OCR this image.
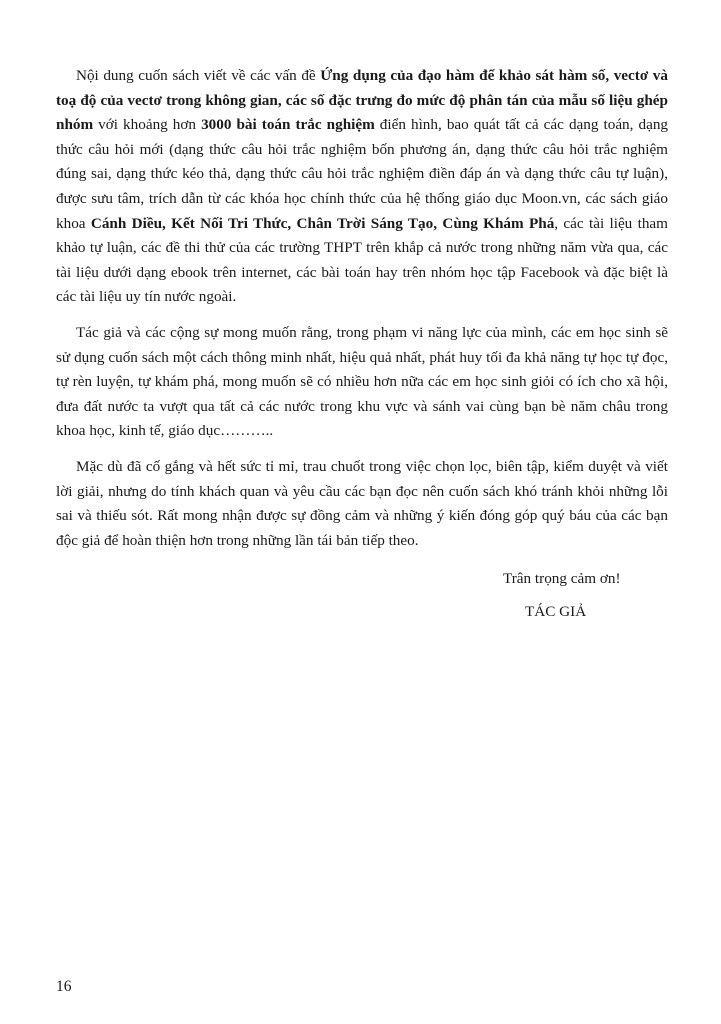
Nội dung cuốn sách viết về các vấn đề Ứng dụng của đạo hàm để khảo sát hàm số, vectơ và toạ độ của vectơ trong không gian, các số đặc trưng đo mức độ phân tán của mẫu số liệu ghép nhóm với khoảng hơn 3000 bài toán trắc nghiệm điển hình, bao quát tất cả các dạng toán, dạng thức câu hỏi mới (dạng thức câu hỏi trắc nghiệm bốn phương án, dạng thức câu hỏi trắc nghiệm đúng sai, dạng thức kéo thả, dạng thức câu hỏi trắc nghiệm điền đáp án và dạng thức câu tự luận), được sưu tâm, trích dẫn từ các khóa học chính thức của hệ thống giáo dục Moon.vn, các sách giáo khoa Cánh Diều, Kết Nối Tri Thức, Chân Trời Sáng Tạo, Cùng Khám Phá, các tài liệu tham khảo tự luận, các đề thi thử của các trường THPT trên khắp cả nước trong những năm vừa qua, các tài liệu dưới dạng ebook trên internet, các bài toán hay trên nhóm học tập Facebook và đặc biệt là các tài liệu uy tín nước ngoài.

Tác giả và các cộng sự mong muốn rằng, trong phạm vi năng lực của mình, các em học sinh sẽ sử dụng cuốn sách một cách thông minh nhất, hiệu quả nhất, phát huy tối đa khả năng tự học tự đọc, tự rèn luyện, tự khám phá, mong muốn sẽ có nhiều hơn nữa các em học sinh giỏi có ích cho xã hội, đưa đất nước ta vượt qua tất cả các nước trong khu vực và sánh vai cùng bạn bè năm châu trong khoa học, kinh tế, giáo dục………..

Mặc dù đã cố gắng và hết sức tỉ mỉ, trau chuốt trong việc chọn lọc, biên tập, kiểm duyệt và viết lời giải, nhưng do tính khách quan và yêu cầu các bạn đọc nên cuốn sách khó tránh khỏi những lỗi sai và thiếu sót. Rất mong nhận được sự đồng cảm và những ý kiến đóng góp quý báu của các bạn độc giả để hoàn thiện hơn trong những lần tái bản tiếp theo.

Trân trọng cảm ơn!
TÁC GIẢ
16
